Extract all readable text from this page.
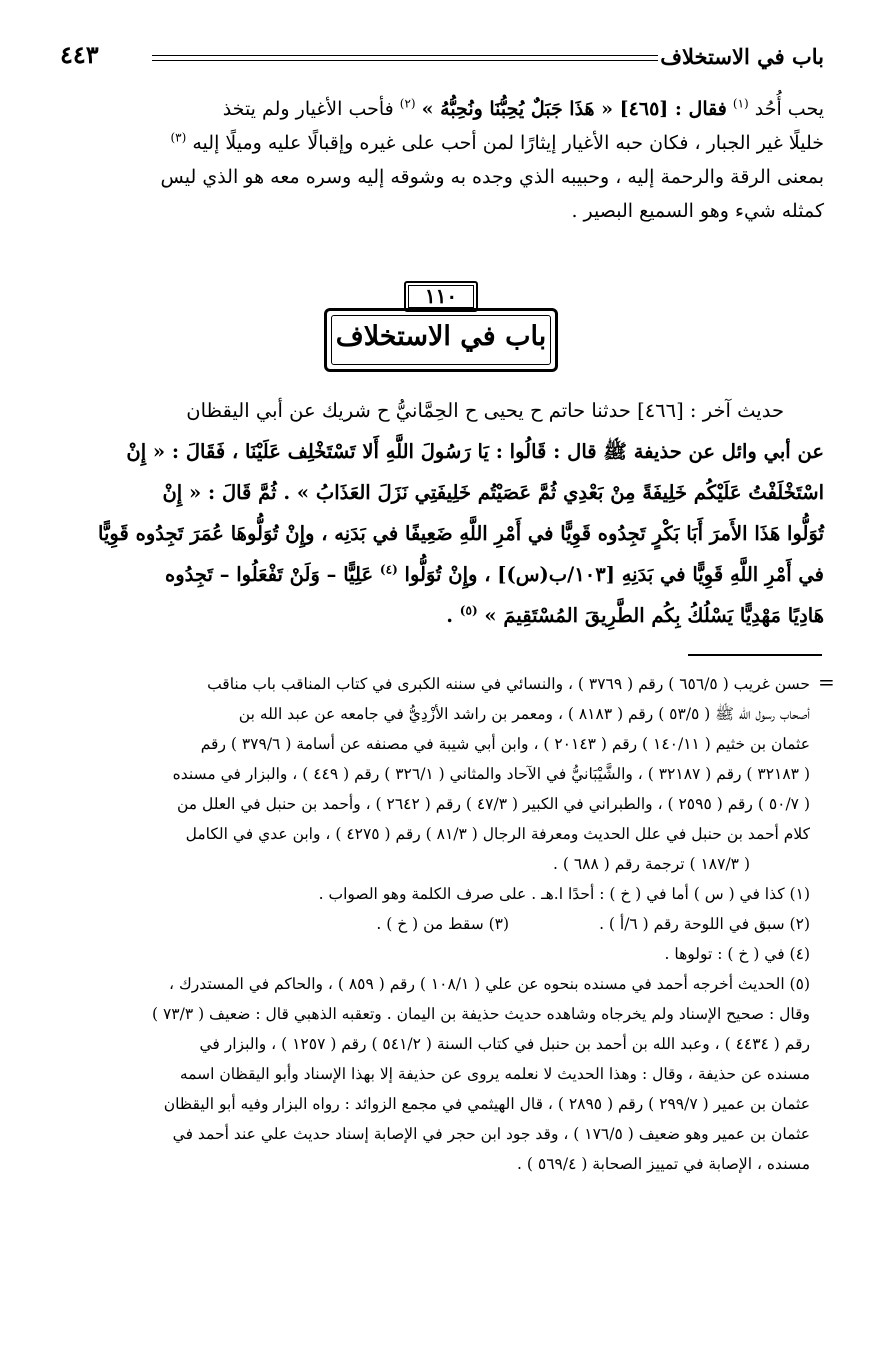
باب في الاستخلاف
٤٤٣
يحب أُحُد $^{(١)}$ فقال : [٤٦٥] « هَذَا جَبَلٌ يُحِبُّنَا ونُحِبُّهُ » $^{(٢)}$ فأحب الأغيار ولم يتخذ
خليلًا غير الجبار ، فكان حبه الأغيار إيثارًا لمن أحب على غيره وإقبالًا عليه وميلًا إليه $^{(٣)}$
بمعنى الرقة والرحمة إليه ، وحبيبه الذي وجده به وشوقه إليه وسره معه هو الذي ليس
كمثله شيء وهو السميع البصير .
١١٠
باب في الاستخلاف
حديث آخر : [٤٦٦] حدثنا حاتم ح يحيى ح الحِمَّانيُّ ح شريك عن أبي اليقظان
عن أبي وائل عن حذيفة ﷺ قال : قَالُوا : يَا رَسُولَ اللَّهِ أَلا تَسْتَخْلِف عَلَيْنَا ، فَقَالَ : « إِنْ
اسْتَخْلَفْتُ عَلَيْكُم خَلِيفَةً مِنْ بَعْدِي ثُمَّ عَصَيْتُم خَلِيفَتِي نَزَلَ العَذَابُ » . ثُمَّ قَالَ : « إِنْ
تُوَلُّوا هَذَا الأَمرَ أَبَا بَكْرٍ تَجِدُوه قَوِيًّا في أَمْرِ اللَّهِ ضَعِيفًا في بَدَنِه ، وإِنْ تُوَلُّوهَا عُمَرَ تَجِدُوه قَوِيًّا
في أَمْرِ اللَّهِ قَوِيًّا في بَدَنِهِ [١٠٣/ب(س)] ، وإِنْ تُوَلُّوا $^{(٤)}$ عَلِيًّا – وَلَنْ تَفْعَلُوا – تَجِدُوه
هَادِيًا مَهْدِيًّا يَسْلُكُ بِكُم الطَّرِيقَ المُسْتَقِيمَ » $^{(٥)}$ .
=
حسن غريب ( ٦٥٦/٥ ) رقم ( ٣٧٦٩ ) ، والنسائي في سننه الكبرى في كتاب المناقب باب مناقب
أصحاب رسول الله ﷺ ( ٥٣/٥ ) رقم ( ٨١٨٣ ) ، ومعمر بن راشد الأزْدِيُّ في جامعه عن عبد الله بن
عثمان بن خثيم ( ١٤٠/١١ ) رقم ( ٢٠١٤٣ ) ، وابن أبي شيبة في مصنفه عن أسامة ( ٣٧٩/٦ ) رقم
( ٣٢١٨٣ ) رقم ( ٣٢١٨٧ ) ، والشَّيْبَانيُّ في الآحاد والمثاني ( ٣٢٦/١ ) رقم ( ٤٤٩ ) ، والبزار في مسنده
( ٥٠/٧ ) رقم ( ٢٥٩٥ ) ، والطبراني في الكبير ( ٤٧/٣ ) رقم ( ٢٦٤٢ ) ، وأحمد بن حنبل في العلل من
كلام أحمد بن حنبل في علل الحديث ومعرفة الرجال ( ٨١/٣ ) رقم ( ٤٢٧٥ ) ، وابن عدي في الكامل
( ١٨٧/٣ ) ترجمة رقم ( ٦٨٨ ) .
(١) كذا في ( س ) أما في ( خ ) : أحدًا ا.هـ . على صرف الكلمة وهو الصواب .
(٢) سبق في اللوحة رقم ( ٦/أ ) .
(٣) سقط من ( خ ) .
(٤) في ( خ ) : تولوها .
(٥) الحديث أخرجه أحمد في مسنده بنحوه عن علي ( ١٠٨/١ ) رقم ( ٨٥٩ ) ، والحاكم في المستدرك ،
وقال : صحيح الإسناد ولم يخرجاه وشاهده حديث حذيفة بن اليمان . وتعقبه الذهبي قال : ضعيف ( ٧٣/٣ )
رقم ( ٤٤٣٤ ) ، وعبد الله بن أحمد بن حنبل في كتاب السنة ( ٥٤١/٢ ) رقم ( ١٢٥٧ ) ، والبزار في
مسنده عن حذيفة ، وقال : وهذا الحديث لا نعلمه يروى عن حذيفة إلا بهذا الإسناد وأبو اليقظان اسمه
عثمان بن عمير ( ٢٩٩/٧ ) رقم ( ٢٨٩٥ ) ، قال الهيثمي في مجمع الزوائد : رواه البزار وفيه أبو اليقظان
عثمان بن عمير وهو ضعيف ( ١٧٦/٥ ) ، وقد جود ابن حجر في الإصابة إسناد حديث علي عند أحمد في
مسنده ، الإصابة في تمييز الصحابة ( ٥٦٩/٤ ) .
